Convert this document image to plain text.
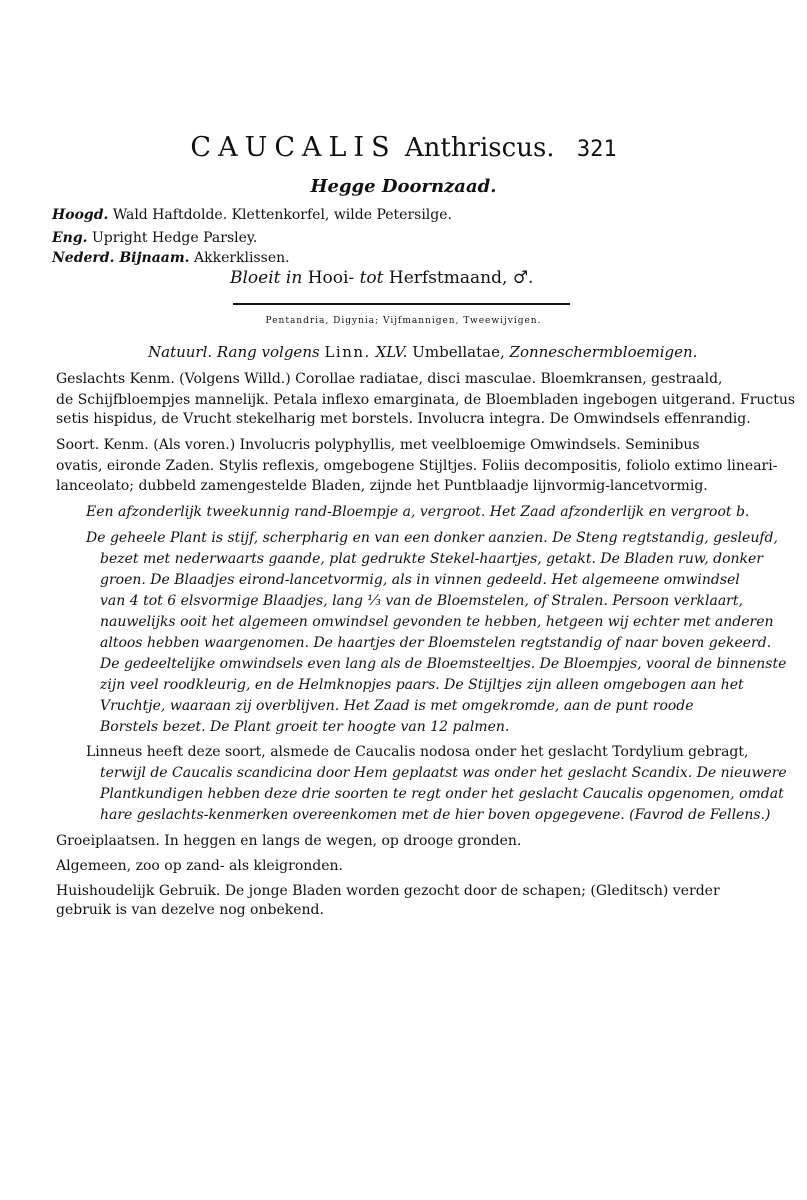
CAUCALIS Anthriscus. 321
Hegge Doornzaad.
Hoogd. Wald Haftdolde. Klettenkorfel, wilde Petersilge.
Eng. Upright Hedge Parsley.
Nederd. Bijnaam. Akkerklissen.
Bloeit in Hooi- tot Herfstmaand, ♂.
Pentandria, Digynia; Vijfmannigen, Tweewijvigen.
Natuurl. Rang volgens Linn. XLV. Umbellatae, Zonneschermbloemigen.
Geslachts Kenm. (Volgens Willd.) Corollae radiatae, disci masculae. Bloemkransen, gestraald,
de Schijfbloempjes mannelijk. Petala inflexo emarginata, de Bloembladen ingebogen uitgerand. Fructus
setis hispidus, de Vrucht stekelharig met borstels. Involucra integra. De Omwindsels effenrandig.
Soort. Kenm. (Als voren.) Involucris polyphyllis, met veelbloemige Omwindsels. Seminibus
ovatis, eironde Zaden. Stylis reflexis, omgebogene Stijltjes. Foliis decompositis, foliolo extimo lineari-
lanceolato; dubbeld zamengestelde Bladen, zijnde het Puntblaadje lijnvormig-lancetvormig.
Een afzonderlijk tweekunnig rand-Bloempje a, vergroot. Het Zaad afzonderlijk en vergroot b.
De geheele Plant is stijf, scherpharig en van een donker aanzien. De Steng regtstandig, gesleufd,
bezet met nederwaarts gaande, plat gedrukte Stekel-haartjes, getakt. De Bladen ruw, donker
groen. De Blaadjes eirond-lancetvormig, als in vinnen gedeeld. Het algemeene omwindsel
van 4 tot 6 elsvormige Blaadjes, lang ⅓ van de Bloemstelen, of Stralen. Persoon verklaart,
nauwelijks ooit het algemeen omwindsel gevonden te hebben, hetgeen wij echter met anderen
altoos hebben waargenomen. De haartjes der Bloemstelen regtstandig of naar boven gekeerd.
De gedeeltelijke omwindsels even lang als de Bloemsteeltjes. De Bloempjes, vooral de binnenste
zijn veel roodkleurig, en de Helmknopjes paars. De Stijltjes zijn alleen omgebogen aan het
Vruchtje, waaraan zij overblijven. Het Zaad is met omgekromde, aan de punt roode
Borstels bezet. De Plant groeit ter hoogte van 12 palmen.
Linneus heeft deze soort, alsmede de Caucalis nodosa onder het geslacht Tordylium gebragt,
terwijl de Caucalis scandicina door Hem geplaatst was onder het geslacht Scandix. De nieuwere
Plantkundigen hebben deze drie soorten te regt onder het geslacht Caucalis opgenomen, omdat
hare geslachts-kenmerken overeenkomen met de hier boven opgegevene. (Favrod de Fellens.)
Groeiplaatsen. In heggen en langs de wegen, op droogе gronden.
Algemeen, zoo op zand- als kleigronden.
Huishoudelijk Gebruik. De jonge Bladen worden gezocht door de schapen; (Gleditsch) verder
gebruik is van dezelve nog onbekend.
